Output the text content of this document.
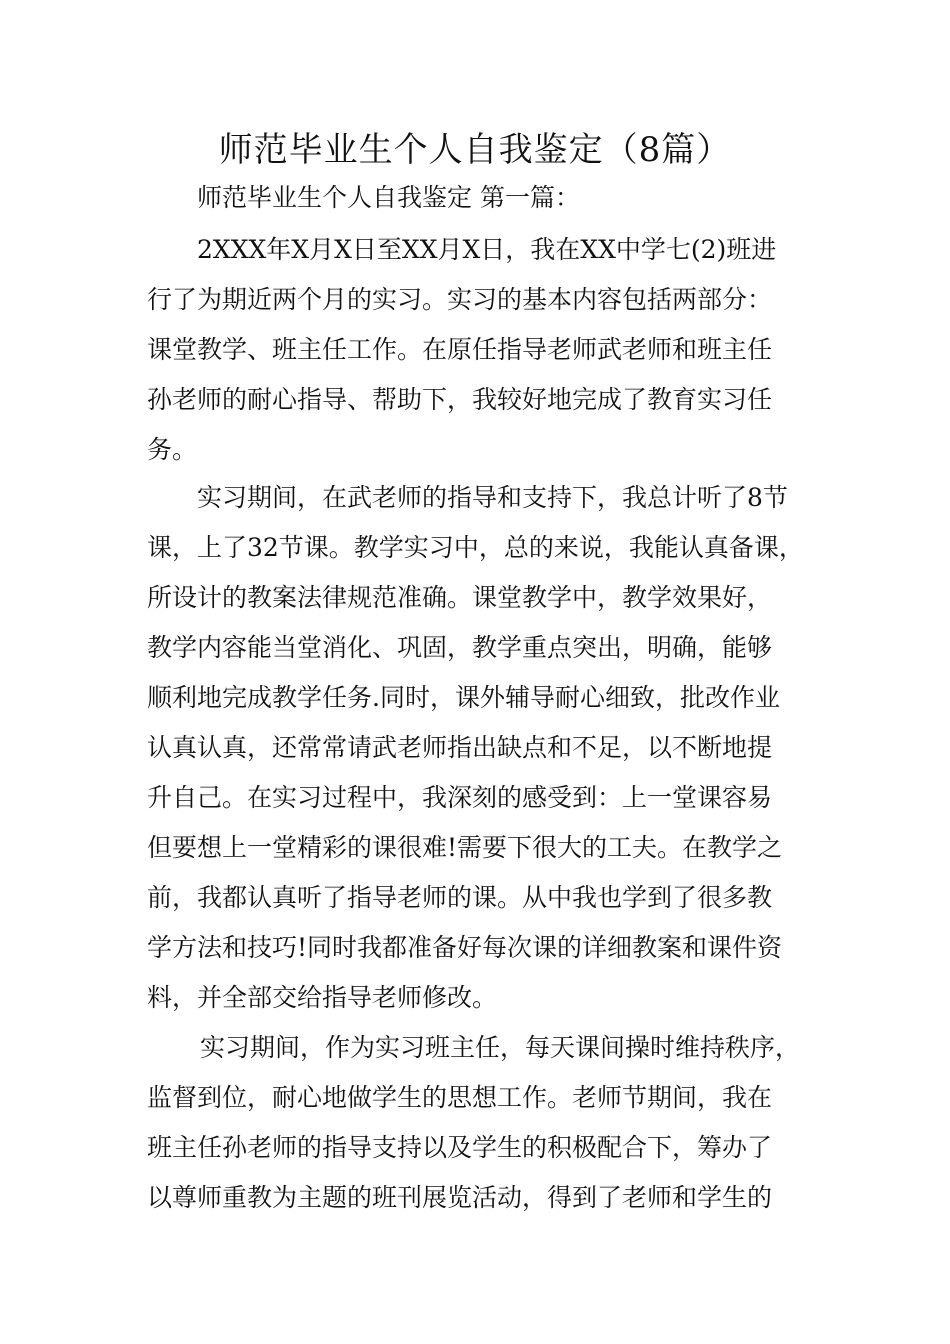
师范毕业生个人自我鉴定（8篇）

师范毕业生个人自我鉴定 第一篇：

2XXX年X月X日至XX月X日，我在XX中学七(2)班进

行了为期近两个月的实习。实习的基本内容包括两部分：

课堂教学、班主任工作。在原任指导老师武老师和班主任

孙老师的耐心指导、帮助下，我较好地完成了教育实习任

务。

实习期间，在武老师的指导和支持下，我总计听了8节

课，上了32节课。教学实习中，总的来说，我能认真备课，

所设计的教案法律规范准确。课堂教学中，教学效果好，

教学内容能当堂消化、巩固，教学重点突出，明确，能够

顺利地完成教学任务.同时，课外辅导耐心细致，批改作业

认真认真，还常常请武老师指出缺点和不足，以不断地提

升自己。在实习过程中，我深刻的感受到：上一堂课容易

但要想上一堂精彩的课很难!需要下很大的工夫。在教学之

前，我都认真听了指导老师的课。从中我也学到了很多教

学方法和技巧!同时我都准备好每次课的详细教案和课件资

料，并全部交给指导老师修改。

实习期间，作为实习班主任，每天课间操时维持秩序，

监督到位，耐心地做学生的思想工作。老师节期间，我在

班主任孙老师的指导支持以及学生的积极配合下，筹办了

以尊师重教为主题的班刊展览活动，得到了老师和学生的
